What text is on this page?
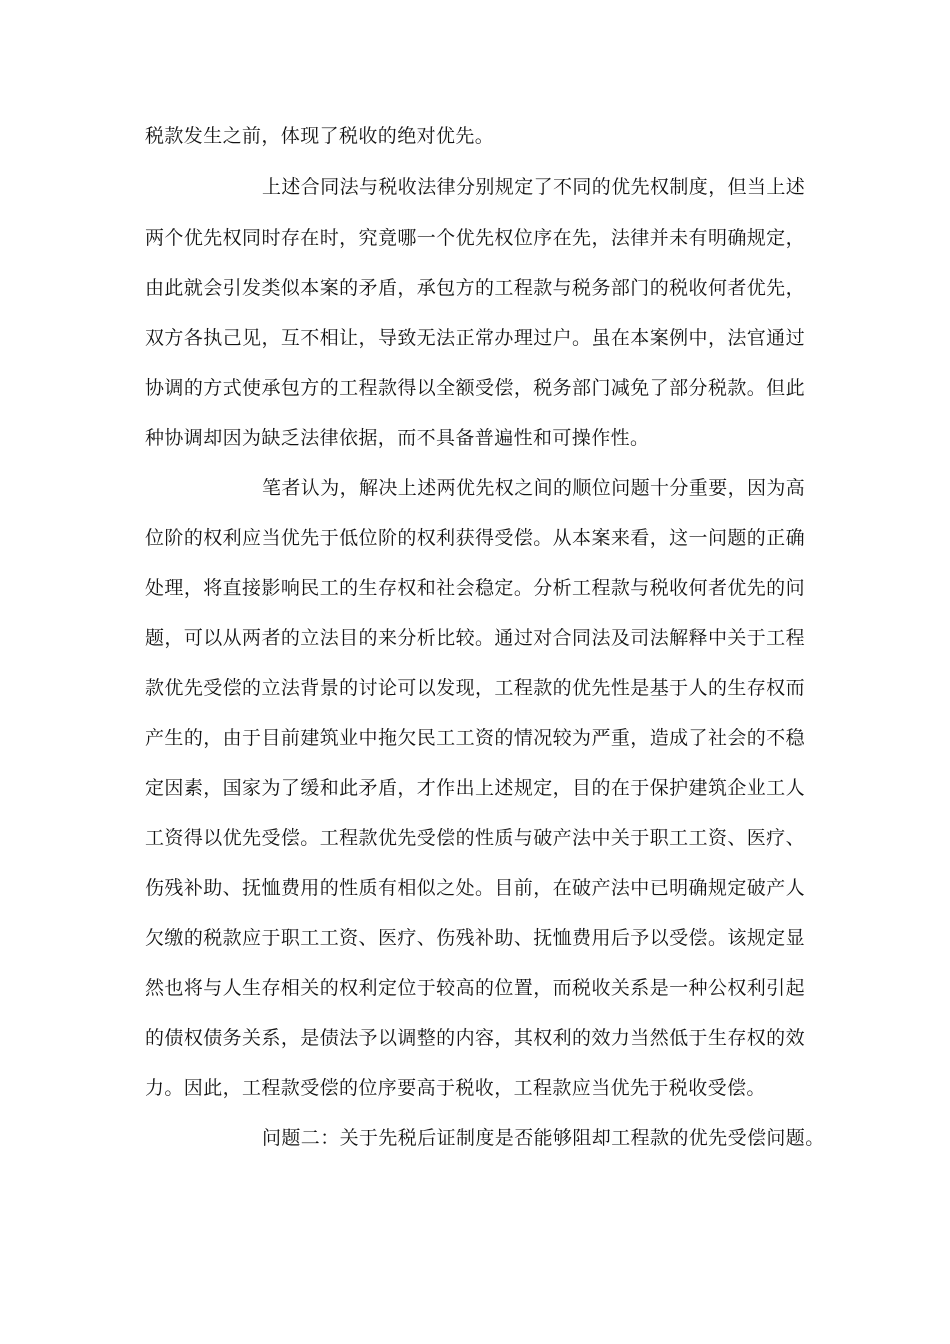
税款发生之前，体现了税收的绝对优先。
上述合同法与税收法律分别规定了不同的优先权制度，但当上述
两个优先权同时存在时，究竟哪一个优先权位序在先，法律并未有明确规定，
由此就会引发类似本案的矛盾，承包方的工程款与税务部门的税收何者优先，
双方各执己见，互不相让，导致无法正常办理过户。虽在本案例中，法官通过
协调的方式使承包方的工程款得以全额受偿，税务部门减免了部分税款。但此
种协调却因为缺乏法律依据，而不具备普遍性和可操作性。
笔者认为，解决上述两优先权之间的顺位问题十分重要，因为高
位阶的权利应当优先于低位阶的权利获得受偿。从本案来看，这一问题的正确
处理，将直接影响民工的生存权和社会稳定。分析工程款与税收何者优先的问
题，可以从两者的立法目的来分析比较。通过对合同法及司法解释中关于工程
款优先受偿的立法背景的讨论可以发现，工程款的优先性是基于人的生存权而
产生的，由于目前建筑业中拖欠民工工资的情况较为严重，造成了社会的不稳
定因素，国家为了缓和此矛盾，才作出上述规定，目的在于保护建筑企业工人
工资得以优先受偿。工程款优先受偿的性质与破产法中关于职工工资、医疗、
伤残补助、抚恤费用的性质有相似之处。目前，在破产法中已明确规定破产人
欠缴的税款应于职工工资、医疗、伤残补助、抚恤费用后予以受偿。该规定显
然也将与人生存相关的权利定位于较高的位置，而税收关系是一种公权利引起
的债权债务关系，是债法予以调整的内容，其权利的效力当然低于生存权的效
力。因此，工程款受偿的位序要高于税收，工程款应当优先于税收受偿。
问题二：关于先税后证制度是否能够阻却工程款的优先受偿问题。
